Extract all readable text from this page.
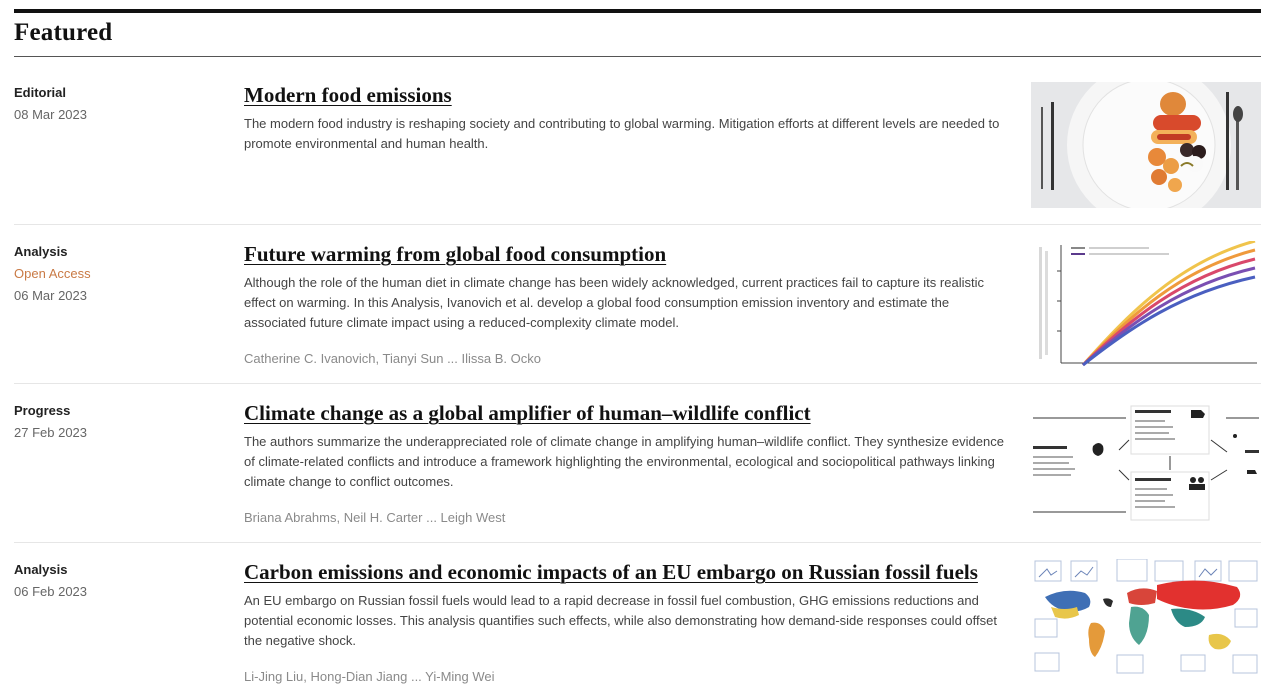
Featured
Editorial
08 Mar 2023
Modern food emissions
The modern food industry is reshaping society and contributing to global warming. Mitigation efforts at different levels are needed to promote environmental and human health.
Analysis
Open Access
06 Mar 2023
Future warming from global food consumption
Although the role of the human diet in climate change has been widely acknowledged, current practices fail to capture its realistic effect on warming. In this Analysis, Ivanovich et al. develop a global food consumption emission inventory and estimate the associated future climate impact using a reduced-complexity climate model.
Catherine C. Ivanovich, Tianyi Sun ... Ilissa B. Ocko
Progress
27 Feb 2023
Climate change as a global amplifier of human–wildlife conflict
The authors summarize the underappreciated role of climate change in amplifying human–wildlife conflict. They synthesize evidence of climate-related conflicts and introduce a framework highlighting the environmental, ecological and sociopolitical pathways linking climate change to conflict outcomes.
Briana Abrahms, Neil H. Carter ... Leigh West
Analysis
06 Feb 2023
Carbon emissions and economic impacts of an EU embargo on Russian fossil fuels
An EU embargo on Russian fossil fuels would lead to a rapid decrease in fossil fuel combustion, GHG emissions reductions and potential economic losses. This analysis quantifies such effects, while also demonstrating how demand-side responses could offset the negative shock.
Li-Jing Liu, Hong-Dian Jiang ... Yi-Ming Wei
